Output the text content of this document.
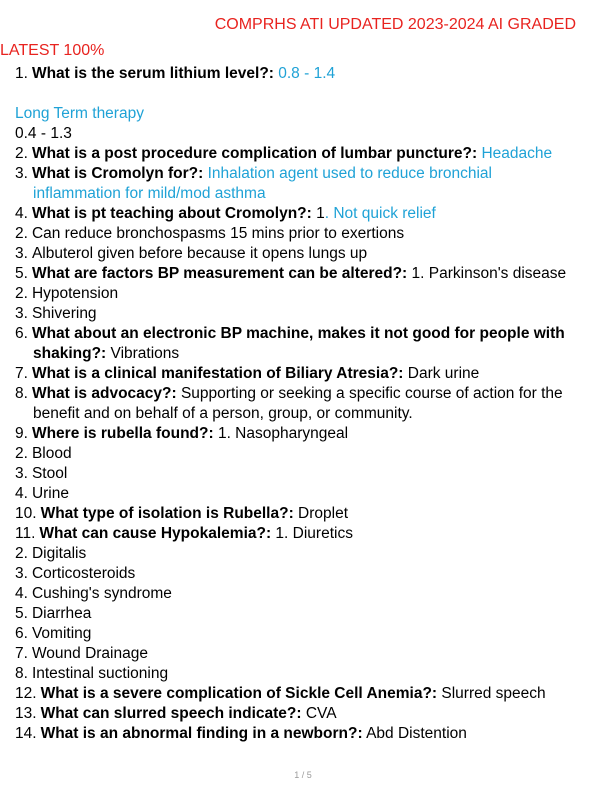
COMPRHS ATI UPDATED 2023-2024 AI GRADED
LATEST 100%
1. What is the serum lithium level?: 0.8 - 1.4
Long Term therapy
0.4 - 1.3
2. What is a post procedure complication of lumbar puncture?: Headache
3. What is Cromolyn for?: Inhalation agent used to reduce bronchial
inflammation for mild/mod asthma
4. What is pt teaching about Cromolyn?: 1. Not quick relief
2. Can reduce bronchospasms 15 mins prior to exertions
3. Albuterol given before because it opens lungs up
5. What are factors BP measurement can be altered?: 1. Parkinson's disease
2. Hypotension
3. Shivering
6. What about an electronic BP machine, makes it not good for people with
shaking?: Vibrations
7. What is a clinical manifestation of Biliary Atresia?: Dark urine
8. What is advocacy?: Supporting or seeking a specific course of action for the
benefit and on behalf of a person, group, or community.
9. Where is rubella found?: 1. Nasopharyngeal
2. Blood
3. Stool
4. Urine
10. What type of isolation is Rubella?: Droplet
11. What can cause Hypokalemia?: 1. Diuretics
2. Digitalis
3. Corticosteroids
4. Cushing's syndrome
5. Diarrhea
6. Vomiting
7. Wound Drainage
8. Intestinal suctioning
12. What is a severe complication of Sickle Cell Anemia?: Slurred speech
13. What can slurred speech indicate?: CVA
14. What is an abnormal finding in a newborn?: Abd Distention
1 / 5
